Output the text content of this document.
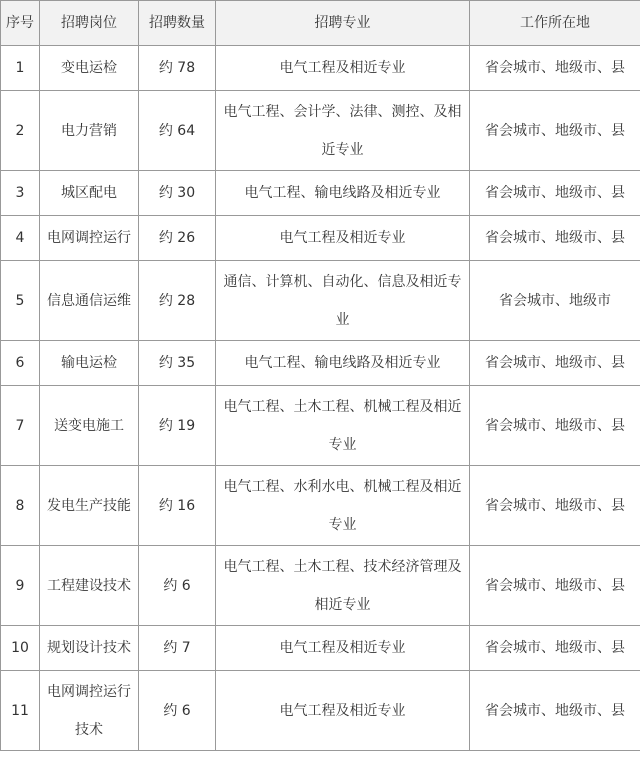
序号	招聘岗位	招聘数量	招聘专业	工作所在地
1	变电运检	约 78	电气工程及相近专业	省会城市、地级市、县
2	电力营销	约 64	电气工程、会计学、法律、测控、及相近专业	省会城市、地级市、县
3	城区配电	约 30	电气工程、输电线路及相近专业	省会城市、地级市、县
4	电网调控运行	约 26	电气工程及相近专业	省会城市、地级市、县
5	信息通信运维	约 28	通信、计算机、自动化、信息及相近专业	省会城市、地级市
6	输电运检	约 35	电气工程、输电线路及相近专业	省会城市、地级市、县
7	送变电施工	约 19	电气工程、土木工程、机械工程及相近专业	省会城市、地级市、县
8	发电生产技能	约 16	电气工程、水利水电、机械工程及相近专业	省会城市、地级市、县
9	工程建设技术	约 6	电气工程、土木工程、技术经济管理及相近专业	省会城市、地级市、县
10	规划设计技术	约 7	电气工程及相近专业	省会城市、地级市、县
11	电网调控运行技术	约 6	电气工程及相近专业	省会城市、地级市、县
